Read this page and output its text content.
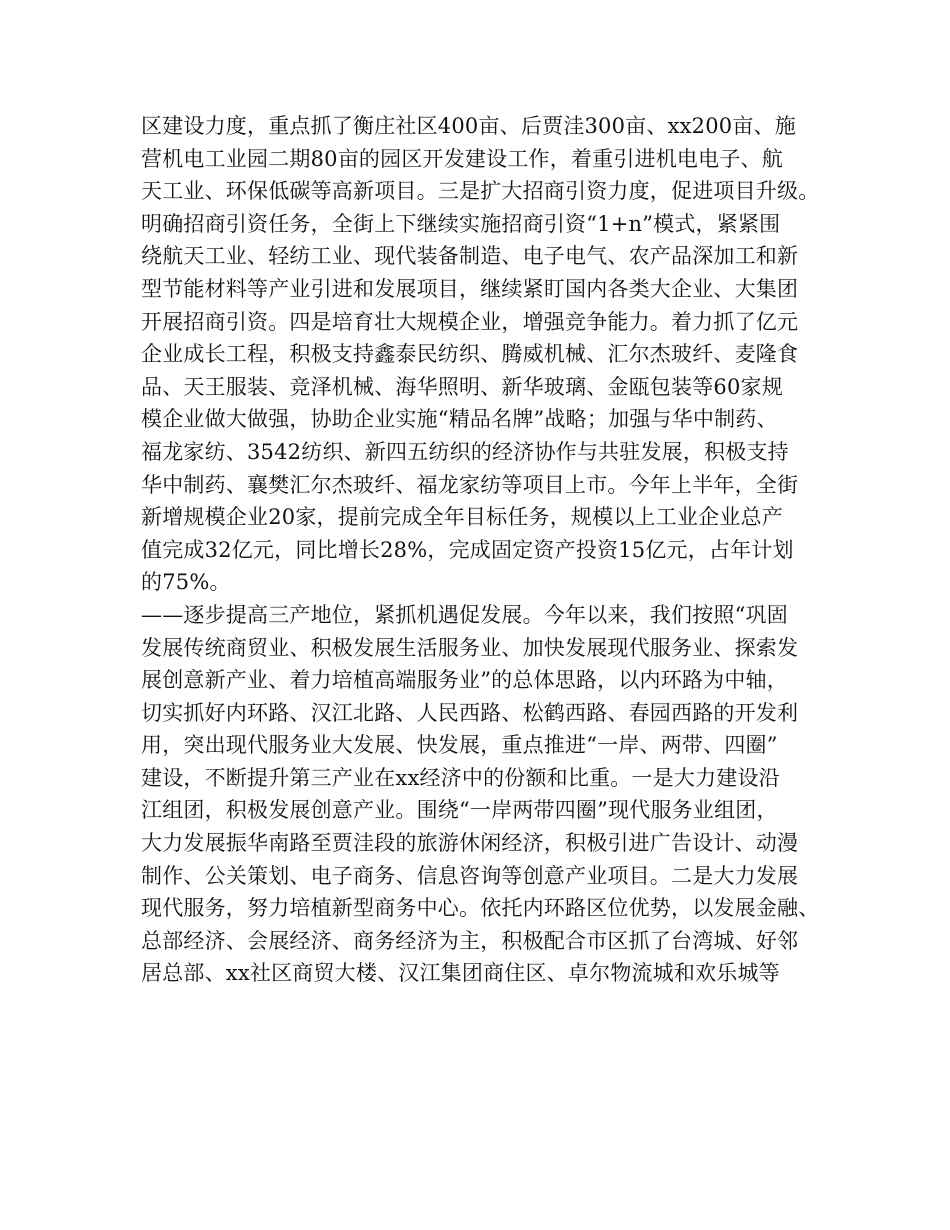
区建设力度，重点抓了衡庄社区400亩、后贾洼300亩、xx200亩、施
营机电工业园二期80亩的园区开发建设工作，着重引进机电电子、航
天工业、环保低碳等高新项目。三是扩大招商引资力度，促进项目升级。
明确招商引资任务，全街上下继续实施招商引资“1+n”模式，紧紧围
绕航天工业、轻纺工业、现代装备制造、电子电气、农产品深加工和新
型节能材料等产业引进和发展项目，继续紧盯国内各类大企业、大集团
开展招商引资。四是培育壮大规模企业，增强竞争能力。着力抓了亿元
企业成长工程，积极支持鑫泰民纺织、腾威机械、汇尔杰玻纤、麦隆食
品、天王服装、竞泽机械、海华照明、新华玻璃、金瓯包装等60家规
模企业做大做强，协助企业实施“精品名牌”战略；加强与华中制药、
福龙家纺、3542纺织、新四五纺织的经济协作与共驻发展，积极支持
华中制药、襄樊汇尔杰玻纤、福龙家纺等项目上市。今年上半年，全街
新增规模企业20家，提前完成全年目标任务，规模以上工业企业总产
值完成32亿元，同比增长28%，完成固定资产投资15亿元，占年计划
的75%。
——逐步提高三产地位，紧抓机遇促发展。今年以来，我们按照“巩固
发展传统商贸业、积极发展生活服务业、加快发展现代服务业、探索发
展创意新产业、着力培植高端服务业”的总体思路，以内环路为中轴，
切实抓好内环路、汉江北路、人民西路、松鹤西路、春园西路的开发利
用，突出现代服务业大发展、快发展，重点推进“一岸、两带、四圈”
建设，不断提升第三产业在xx经济中的份额和比重。一是大力建设沿
江组团，积极发展创意产业。围绕“一岸两带四圈”现代服务业组团，
大力发展振华南路至贾洼段的旅游休闲经济，积极引进广告设计、动漫
制作、公关策划、电子商务、信息咨询等创意产业项目。二是大力发展
现代服务，努力培植新型商务中心。依托内环路区位优势，以发展金融、
总部经济、会展经济、商务经济为主，积极配合市区抓了台湾城、好邻
居总部、xx社区商贸大楼、汉江集团商住区、卓尔物流城和欢乐城等
